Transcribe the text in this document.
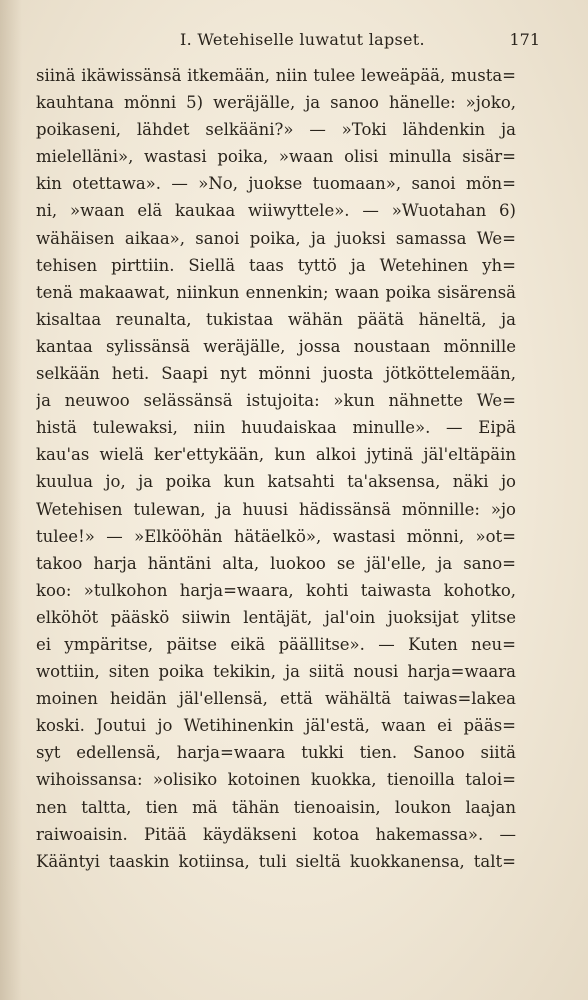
I. Wetehiselle luwatut lapset.	171
siinä ikäwissänsä itkemään, niin tulee leweäpää, musta=
kauhtana mönni 5) weräjälle, ja sanoo hänelle: »joko,
poikaseni, lähdet selkääni?» — »Toki lähdenkin ja
mielelläni», wastasi poika, »waan olisi minulla sisär=
kin otettawa». — »No, juokse tuomaan», sanoi mön=
ni, »waan elä kaukaa wiiwyttele». — »Wuotahan 6)
wähäisen aikaa», sanoi poika, ja juoksi samassa We=
tehisen pirttiin. Siellä taas tyttö ja Wetehinen yh=
tenä makaawat, niinkun ennenkin; waan poika sisärensä
kisaltaa reunalta, tukistaa wähän päätä häneltä, ja
kantaa sylissänsä weräjälle, jossa noustaan mönnille
selkään heti. Saapi nyt mönni juosta jötköttelemään,
ja neuwoo selässänsä istujoita: »kun nähnette We=
histä tulewaksi, niin huudaiskaa minulle». — Eipä
kau'as wielä ker'ettykään, kun alkoi jytinä jäl'eltäpäin
kuulua jo, ja poika kun katsahti ta'aksensa, näki jo
Wetehisen tulewan, ja huusi hädissänsä mönnille: »jo
tulee!» — »Elkööhän hätäelkö», wastasi mönni, »ot=
takoo harja häntäni alta, luokoo se jäl'elle, ja sano=
koo: »tulkohon harja=waara, kohti taiwasta kohotko,
elköhöt pääskö siiwin lentäjät, jal'oin juoksijat ylitse
ei ympäritse, päitse eikä päällitse». — Kuten neu=
wottiin, siten poika tekikin, ja siitä nousi harja=waara
moinen heidän jäl'ellensä, että wähältä taiwas=lakea
koski. Joutui jo Wetihinenkin jäl'estä, waan ei pääs=
syt edellensä, harja=waara tukki tien. Sanoo siitä
wihoissansa: »olisiko kotoinen kuokka, tienoilla taloi=
nen taltta, tien mä tähän tienoaisin, loukon laajan
raiwoaisin. Pitää käydäkseni kotoa hakemassa». —
Kääntyi taaskin kotiinsa, tuli sieltä kuokkanensa, talt=
